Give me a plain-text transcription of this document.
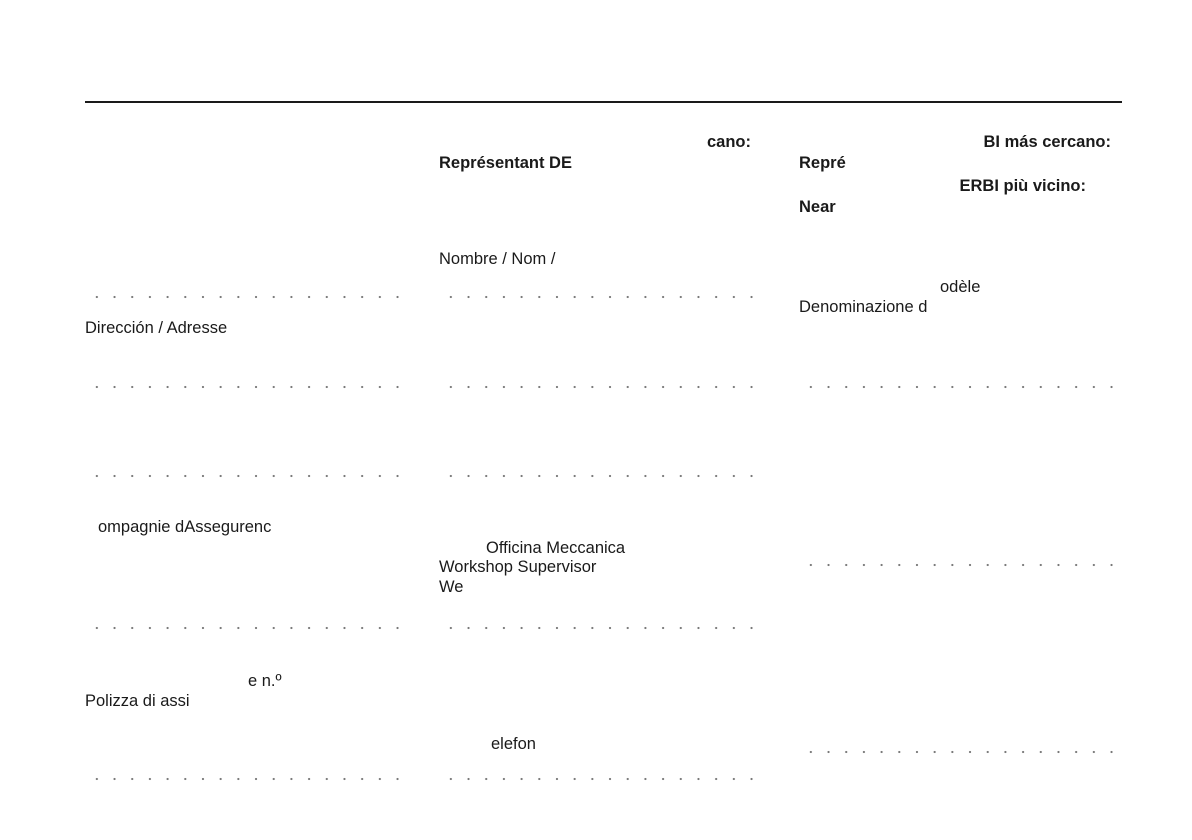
Dirección / Adresse
ompagnie dAssegurenc
e n.º
Polizza di assi
cano:
Représentant DE
Nombre / Nom /
Officina Meccanica
Workshop Supervisor
We
elefon
BI más cercano:
Repré
ERBI più vicino:
Near
odèle
Denominazione d
